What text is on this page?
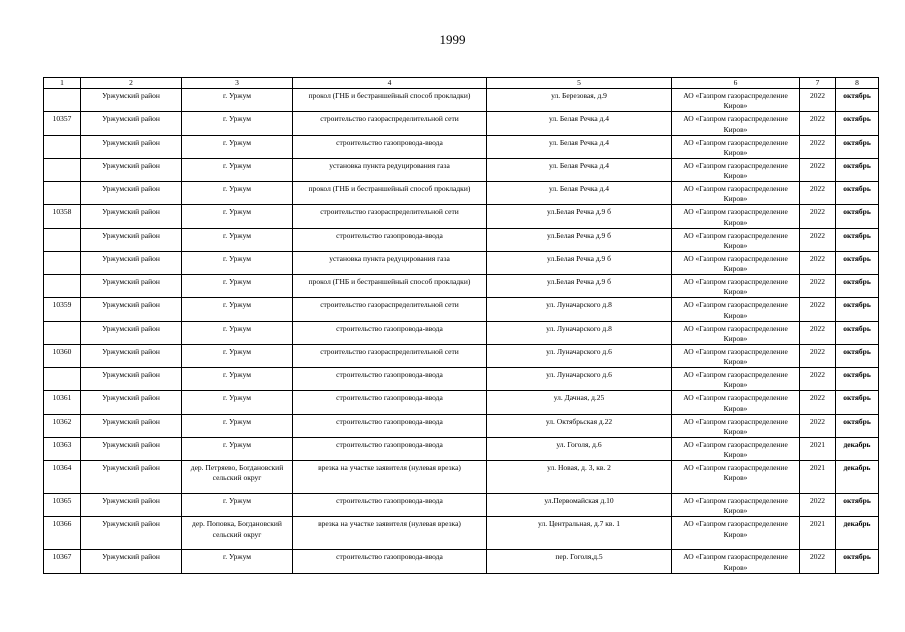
1999
1	2	3	4	5	6	7	8
	Уржумский район	г. Уржум	прокол (ГНБ и бестраншейный способ прокладки)	ул. Березовая, д.9	АО «Газпром газораспределение Киров»	2022	октябрь
10357	Уржумский район	г. Уржум	строительство газораспределительной сети	ул. Белая Речка д.4	АО «Газпром газораспределение Киров»	2022	октябрь
	Уржумский район	г. Уржум	строительство газопровода-ввода	ул. Белая Речка д.4	АО «Газпром газораспределение Киров»	2022	октябрь
	Уржумский район	г. Уржум	установка пункта редуцирования газа	ул. Белая Речка д.4	АО «Газпром газораспределение Киров»	2022	октябрь
	Уржумский район	г. Уржум	прокол (ГНБ и бестраншейный способ прокладки)	ул. Белая Речка д.4	АО «Газпром газораспределение Киров»	2022	октябрь
10358	Уржумский район	г. Уржум	строительство газораспределительной сети	ул.Белая Речка д.9 б	АО «Газпром газораспределение Киров»	2022	октябрь
	Уржумский район	г. Уржум	строительство газопровода-ввода	ул.Белая Речка д.9 б	АО «Газпром газораспределение Киров»	2022	октябрь
	Уржумский район	г. Уржум	установка пункта редуцирования газа	ул.Белая Речка д.9 б	АО «Газпром газораспределение Киров»	2022	октябрь
	Уржумский район	г. Уржум	прокол (ГНБ и бестраншейный способ прокладки)	ул.Белая Речка д.9 б	АО «Газпром газораспределение Киров»	2022	октябрь
10359	Уржумский район	г. Уржум	строительство газораспределительной сети	ул. Луначарского д.8	АО «Газпром газораспределение Киров»	2022	октябрь
	Уржумский район	г. Уржум	строительство газопровода-ввода	ул. Луначарского д.8	АО «Газпром газораспределение Киров»	2022	октябрь
10360	Уржумский район	г. Уржум	строительство газораспределительной сети	ул. Луначарского д.6	АО «Газпром газораспределение Киров»	2022	октябрь
	Уржумский район	г. Уржум	строительство газопровода-ввода	ул. Луначарского д.6	АО «Газпром газораспределение Киров»	2022	октябрь
10361	Уржумский район	г. Уржум	строительство газопровода-ввода	ул. Дачная, д.25	АО «Газпром газораспределение Киров»	2022	октябрь
10362	Уржумский район	г. Уржум	строительство газопровода-ввода	ул. Октябрьская д.22	АО «Газпром газораспределение Киров»	2022	октябрь
10363	Уржумский район	г. Уржум	строительство газопровода-ввода	ул. Гоголя, д.6	АО «Газпром газораспределение Киров»	2021	декабрь
10364	Уржумский район	дер. Петряево, Богдановский сельский округ	врезка на участке заявителя (нулевая врезка)	ул. Новая, д. 3, кв. 2	АО «Газпром газораспределение Киров»	2021	декабрь
10365	Уржумский район	г. Уржум	строительство газопровода-ввода	ул.Первомайская д.10	АО «Газпром газораспределение Киров»	2022	октябрь
10366	Уржумский район	дер. Поповка, Богдановский сельский округ	врезка на участке заявителя (нулевая врезка)	ул. Центральная, д.7 кв. 1	АО «Газпром газораспределение Киров»	2021	декабрь
10367	Уржумский район	г. Уржум	строительство газопровода-ввода	пер. Гоголя,д.5	АО «Газпром газораспределение Киров»	2022	октябрь
